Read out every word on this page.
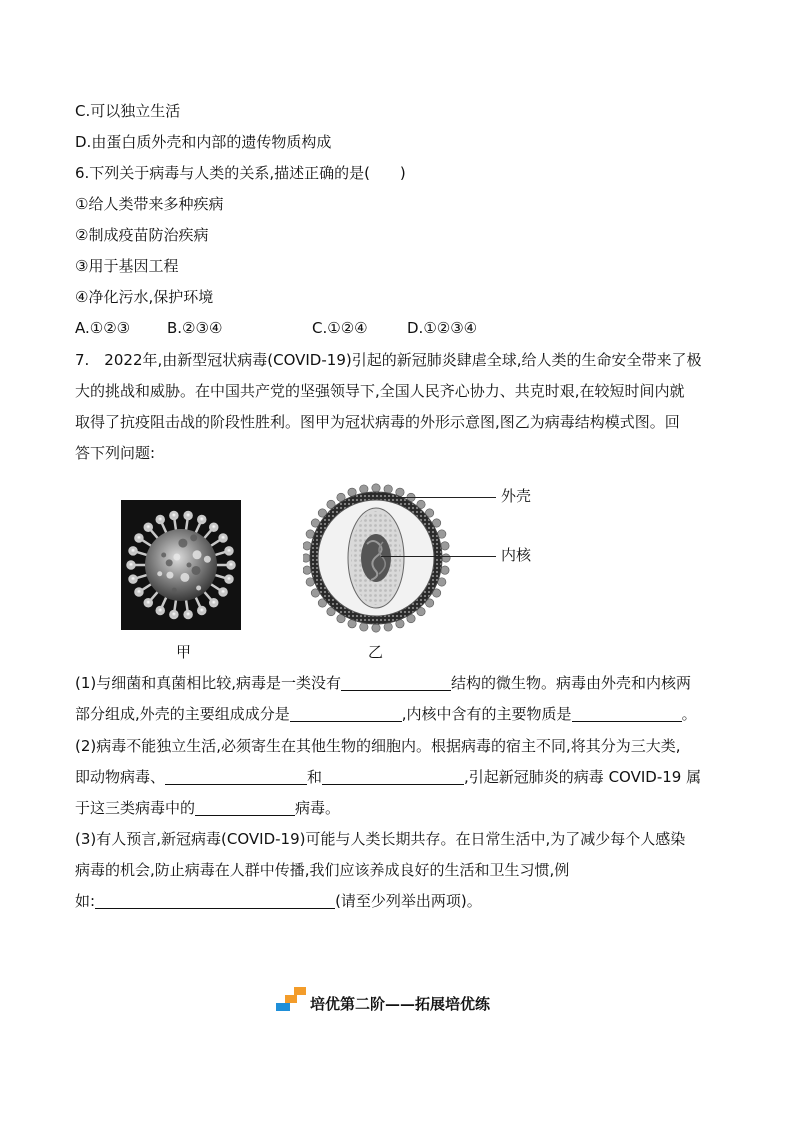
C.可以独立生活
D.由蛋白质外壳和内部的遗传物质构成
6.下列关于病毒与人类的关系,描述正确的是(　　)
①给人类带来多种疾病
②制成疫苗防治疾病
③用于基因工程
④净化污水,保护环境
A.①②③ B.②③④	C.①②④	D.①②③④
7.　2022年,由新型冠状病毒(COVID-19)引起的新冠肺炎肆虐全球,给人类的生命安全带来了极
大的挑战和威胁。在中国共产党的坚强领导下,全国人民齐心协力、共克时艰,在较短时间内就
取得了抗疫阻击战的阶段性胜利。图甲为冠状病毒的外形示意图,图乙为病毒结构模式图。回
答下列问题:
外壳
内核
甲	乙
(1)与细菌和真菌相比较,病毒是一类没有	结构的微生物。病毒由外壳和内核两
部分组成,外壳的主要组成成分是	,内核中含有的主要物质是	。
(2)病毒不能独立生活,必须寄生在其他生物的细胞内。根据病毒的宿主不同,将其分为三大类,
即动物病毒、	和	,引起新冠肺炎的病毒 COVID-19 属
于这三类病毒中的	病毒。
(3)有人预言,新冠病毒(COVID-19)可能与人类长期共存。在日常生活中,为了减少每个人感染
病毒的机会,防止病毒在人群中传播,我们应该养成良好的生活和卫生习惯,例
如:	(请至少列举出两项)。
培优第二阶——拓展培优练
